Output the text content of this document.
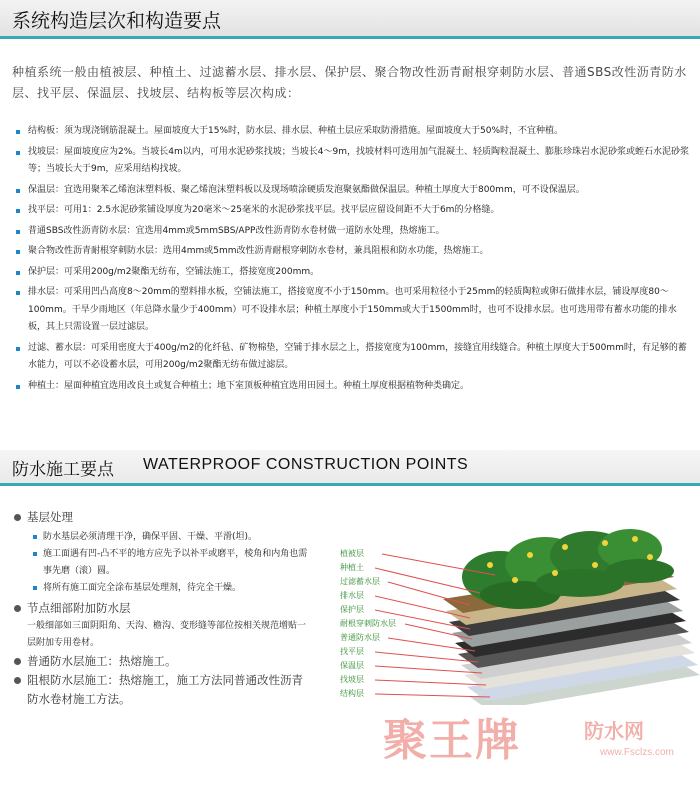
系统构造层次和构造要点
种植系统一般由植被层、种植土、过滤蓄水层、排水层、保护层、聚合物改性沥青耐根穿刺防水层、普通SBS改性沥青防水层、找平层、保温层、找坡层、结构板等层次构成：
结构板：须为现浇钢筋混凝土。屋面坡度大于15%时，防水层、排水层、种植土层应采取防滑措施。屋面坡度大于50%时，不宜种植。
找坡层：屋面坡度应为2%。当坡长4m以内，可用水泥砂浆找坡；当坡长4～9m，找坡材料可选用加气混凝土、轻质陶粒混凝土、膨胀珍珠岩水泥砂浆或蛭石水泥砂浆等；当坡长大于9m，应采用结构找坡。
保温层：宜选用聚苯乙烯泡沫塑料板、聚乙烯泡沫塑料板以及现场喷涂硬质发泡聚氨酯做保温层。种植土厚度大于800mm，可不设保温层。
找平层：可用1：2.5水泥砂浆铺设厚度为20毫米～25毫米的水泥砂浆找平层。找平层应留设间距不大于6m的分格缝。
普通SBS改性沥青防水层：宜选用4mm或5mmSBS/APP改性沥青防水卷材做一道防水处理，热熔施工。
聚合物改性沥青耐根穿刺防水层：选用4mm或5mm改性沥青耐根穿刺防水卷材，兼具阻根和防水功能，热熔施工。
保护层：可采用200g/m2聚酯无纺布，空铺法施工，搭接宽度200mm。
排水层：可采用凹凸高度8～20mm的塑料排水板，空铺法施工，搭接宽度不小于150mm。也可采用粒径小于25mm的轻质陶粒或卵石做排水层，铺设厚度80～100mm。干旱少雨地区（年总降水量少于400mm）可不设排水层；种植土厚度小于150mm或大于1500mm时，也可不设排水层。也可选用带有蓄水功能的排水板，其上只需设置一层过滤层。
过滤、蓄水层：可采用密度大于400g/m2的化纤毡、矿物棉垫，空铺于排水层之上，搭接宽度为100mm，接缝宜用线缝合。种植土厚度大于500mm时，有足够的蓄水能力，可以不必设蓄水层，可用200g/m2聚酯无纺布做过滤层。
种植土：屋面种植宜选用改良土或复合种植土；地下室顶板种植宜选用田园土。种植土厚度根据植物种类确定。
防水施工要点 WATERPROOF CONSTRUCTION POINTS
基层处理
防水基层必须清理干净，确保平固、干燥、平滑(坦)。
施工面遇有凹-凸不平的地方应先予以补平或磨平，棱角和内角也需事先磨（滚）圆。
将所有施工面完全涂布基层处理剂，待完全干燥。
节点细部附加防水层
一般细部如三面阴阳角、天沟、檐沟、变形缝等部位按相关规范增贴一层附加专用卷材。
普通防水层施工：热熔施工。
阻根防水层施工：热熔施工，施工方法同普通改性沥青防水卷材施工方法。
植被层
种植土
过滤蓄水层
排水层
保护层
耐根穿刺防水层
普通防水层
找平层
保温层
找坡层
结构层
聚王牌	防水网
www.Fsclzs.com
